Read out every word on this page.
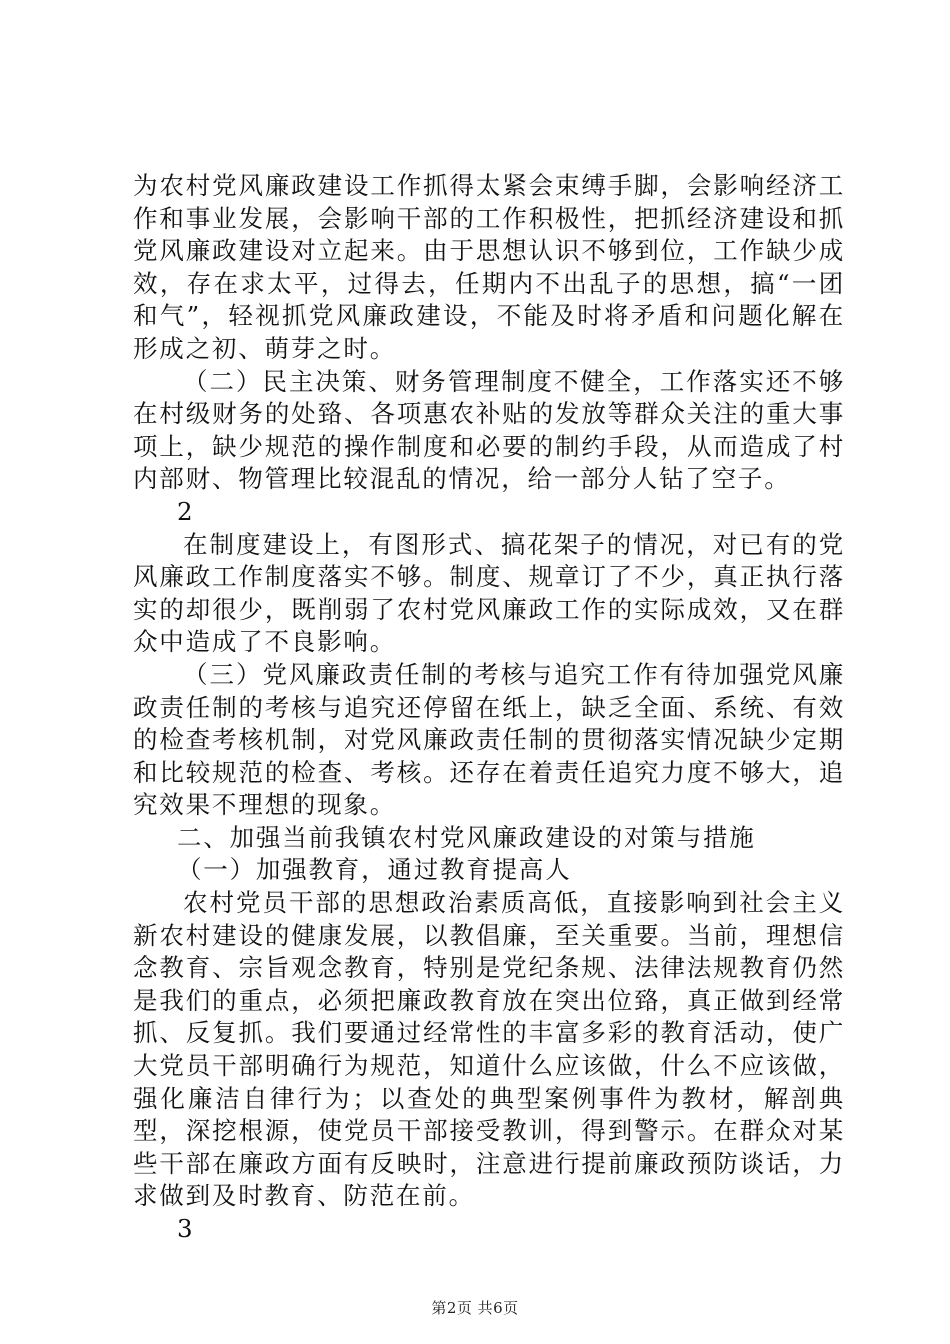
为农村党风廉政建设工作抓得太紧会束缚手脚，会影响经济工作和事业发展，会影响干部的工作积极性，把抓经济建设和抓党风廉政建设对立起来。由于思想认识不够到位，工作缺少成效，存在求太平，过得去，任期内不出乱子的思想，搞“一团和气”，轻视抓党风廉政建设，不能及时将矛盾和问题化解在形成之初、萌芽之时。

（二）民主决策、财务管理制度不健全，工作落实还不够在村级财务的处臵、各项惠农补贴的发放等群众关注的重大事项上，缺少规范的操作制度和必要的制约手段，从而造成了村内部财、物管理比较混乱的情况，给一部分人钻了空子。

2

在制度建设上，有图形式、搞花架子的情况，对已有的党风廉政工作制度落实不够。制度、规章订了不少，真正执行落实的却很少，既削弱了农村党风廉政工作的实际成效，又在群众中造成了不良影响。

（三）党风廉政责任制的考核与追究工作有待加强党风廉政责任制的考核与追究还停留在纸上，缺乏全面、系统、有效的检查考核机制，对党风廉政责任制的贯彻落实情况缺少定期和比较规范的检查、考核。还存在着责任追究力度不够大，追究效果不理想的现象。

二、加强当前我镇农村党风廉政建设的对策与措施

（一）加强教育，通过教育提高人

农村党员干部的思想政治素质高低，直接影响到社会主义新农村建设的健康发展，以教倡廉，至关重要。当前，理想信念教育、宗旨观念教育，特别是党纪条规、法律法规教育仍然是我们的重点，必须把廉政教育放在突出位臵，真正做到经常抓、反复抓。我们要通过经常性的丰富多彩的教育活动，使广大党员干部明确行为规范，知道什么应该做，什么不应该做，强化廉洁自律行为；以查处的典型案例事件为教材，解剖典型，深挖根源，使党员干部接受教训，得到警示。在群众对某些干部在廉政方面有反映时，注意进行提前廉政预防谈话，力求做到及时教育、防范在前。

3

第2页 共6页
